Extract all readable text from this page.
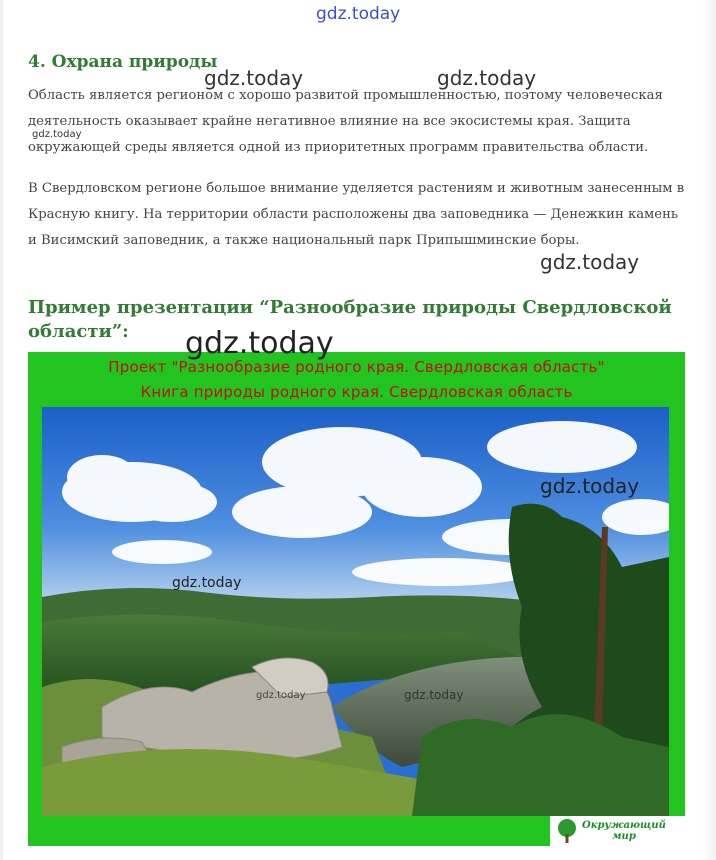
4. Охрана природы

Область является регионом с хорошо развитой промышленностью, поэтому человеческая деятельность оказывает крайне негативное влияние на все экосистемы края. Защита окружающей среды является одной из приоритетных программ правительства области.

В Свердловском регионе большое внимание уделяется растениям и животным занесенным в Красную книгу. На территории области расположены два заповедника — Денежкин камень и Висимский заповедник, а также национальный парк Припышминские боры.

Пример презентации “Разнообразие природы Свердловской области”:
Проект "Разнообразие родного края. Свердловская область"
Книга природы родного края. Свердловская область
Окружающий
мир
gdz.today
gdz.today	gdz.today
gdz.today
gdz.today
gdz.today
gdz.today
gdz.today
gdz.today	gdz.today
